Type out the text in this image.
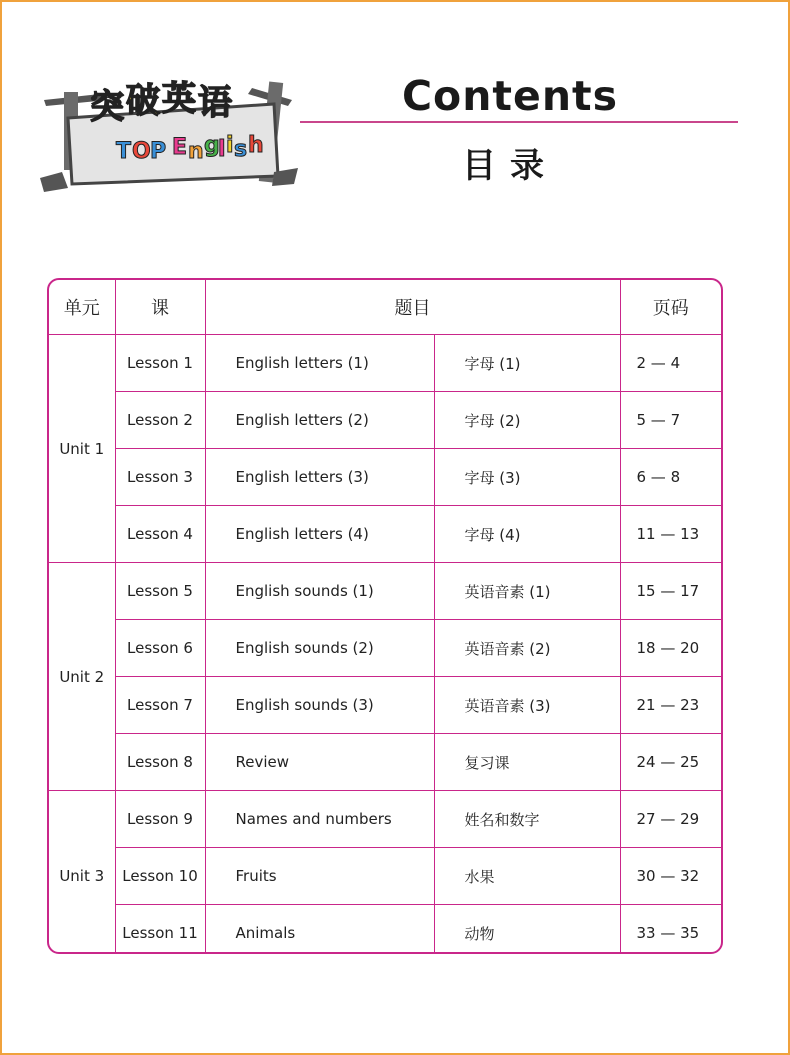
突 破 英 语
T O P E n g
l i s h
Contents
目录
单元	课	题目		页码
Unit 1	Lesson 1	English letters (1)	字母 (1)	2 — 4
	Lesson 2	English letters (2)	字母 (2)	5 — 7
	Lesson 3	English letters (3)	字母 (3)	6 — 8
	Lesson 4	English letters (4)	字母 (4)	11 — 13
Unit 2	Lesson 5	English sounds (1)	英语音素 (1)	15 — 17
	Lesson 6	English sounds (2)	英语音素 (2)	18 — 20
	Lesson 7	English sounds (3)	英语音素 (3)	21 — 23
	Lesson 8	Review	复习课	24 — 25
Unit 3	Lesson 9	Names and numbers	姓名和数字	27 — 29
	Lesson 10	Fruits	水果	30 — 32
	Lesson 11	Animals	动物	33 — 35
